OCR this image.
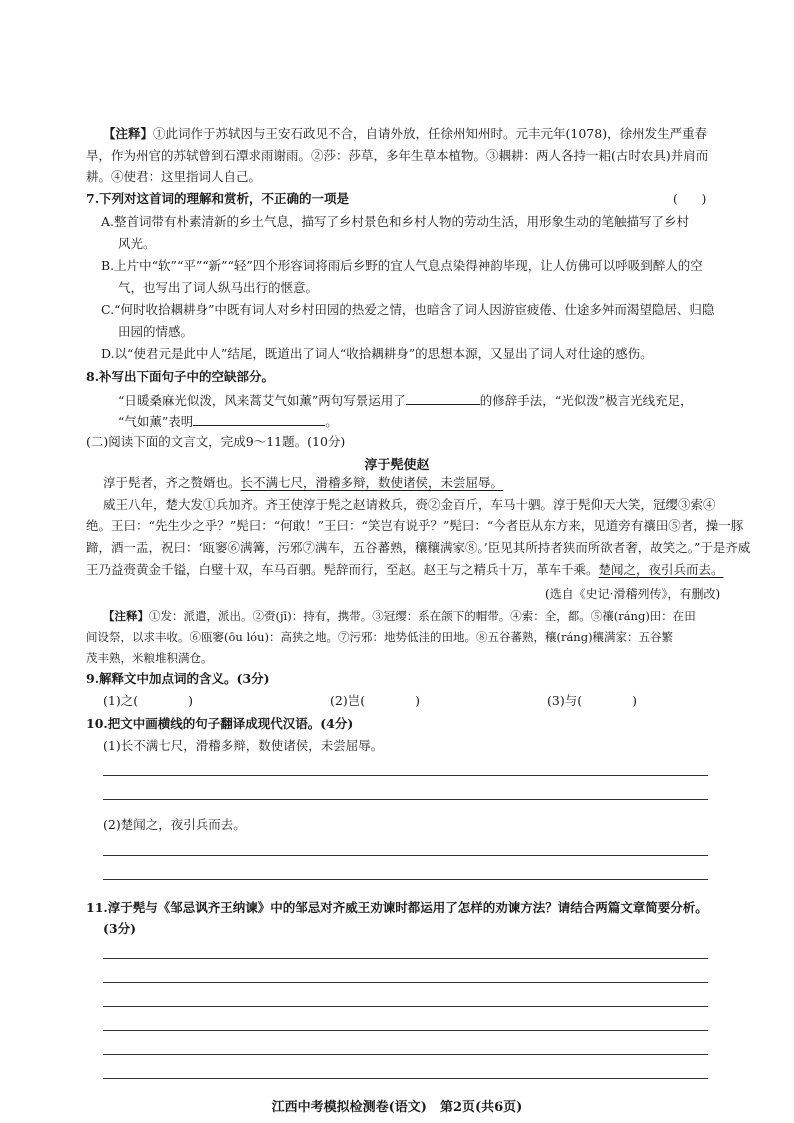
【注释】①此词作于苏轼因与王安石政见不合，自请外放，任徐州知州时。元丰元年(1078)，徐州发生严重春
旱，作为州官的苏轼曾到石潭求雨谢雨。②莎：莎草，多年生草本植物。③耦耕：两人各持一耜(古时农具)并肩而
耕。④使君：这里指词人自己。
7.下列对这首词的理解和赏析，不正确的一项是	(　　)
A.整首词带有朴素清新的乡土气息，描写了乡村景色和乡村人物的劳动生活，用形象生动的笔触描写了乡村
风光。
B.上片中“软”“平”“新”“轻”四个形容词将雨后乡野的宜人气息点染得神韵毕现，让人仿佛可以呼吸到醉人的空
气，也写出了词人纵马出行的惬意。
C.“何时收拾耦耕身”中既有词人对乡村田园的热爱之情，也暗含了词人因游宦疲倦、仕途多舛而渴望隐居、归隐
田园的情感。
D.以“使君元是此中人”结尾，既道出了词人“收拾耦耕身”的思想本源，又显出了词人对仕途的感伤。
8.补写出下面句子中的空缺部分。
“日暖桑麻光似泼，风来蒿艾气如薰”两句写景运用了	的修辞手法，“光似泼”极言光线充足，
“气如薰”表明	。
(二)阅读下面的文言文，完成9～11题。(10分)
淳于髡使赵
淳于髡者，齐之赘婿也。长不满七尺，滑稽多辩，数使诸侯，未尝屈辱。
威王八年，楚大发①兵加齐。齐王使淳于髡之赵请救兵，赍②金百斤，车马十驷。淳于髡仰天大笑，冠缨③索④
绝。王曰：“先生少之乎？”髡曰：“何敢！”王曰：“笑岂有说乎？”髡曰：“今者臣从东方来，见道旁有禳田⑤者，操一豚
蹄，酒一盂，祝曰：‘瓯窭⑥满篝，污邪⑦满车，五谷蕃熟，穰穰满家⑧。’臣见其所持者狭而所欲者奢，故笑之。”于是齐威
王乃益赍黄金千镒，白璧十双，车马百驷。髡辞而行，至赵。赵王与之精兵十万，革车千乘。楚闻之，夜引兵而去。
(选自《史记·滑稽列传》，有删改)
【注释】①发：派遣，派出。②赍(jī)：持有，携带。③冠缨：系在颌下的帽带。④索：全，都。⑤禳(ráng)田：在田
间设祭，以求丰收。⑥瓯窭(ōu lóu)：高狭之地。⑦污邪：地势低洼的田地。⑧五谷蕃熟，穰(ráng)穰满家：五谷繁
茂丰熟，米粮堆积满仓。
9.解释文中加点词的含义。(3分)
(1)之(　　　　)	(2)岂(　　　　)	(3)与(　　　　)
10.把文中画横线的句子翻译成现代汉语。(4分)
(1)长不满七尺，滑稽多辩，数使诸侯，未尝屈辱。
(2)楚闻之，夜引兵而去。
11.淳于髡与《邹忌讽齐王纳谏》中的邹忌对齐威王劝谏时都运用了怎样的劝谏方法？请结合两篇文章简要分析。
(3分)
江西中考模拟检测卷(语文)　第2页(共6页)
